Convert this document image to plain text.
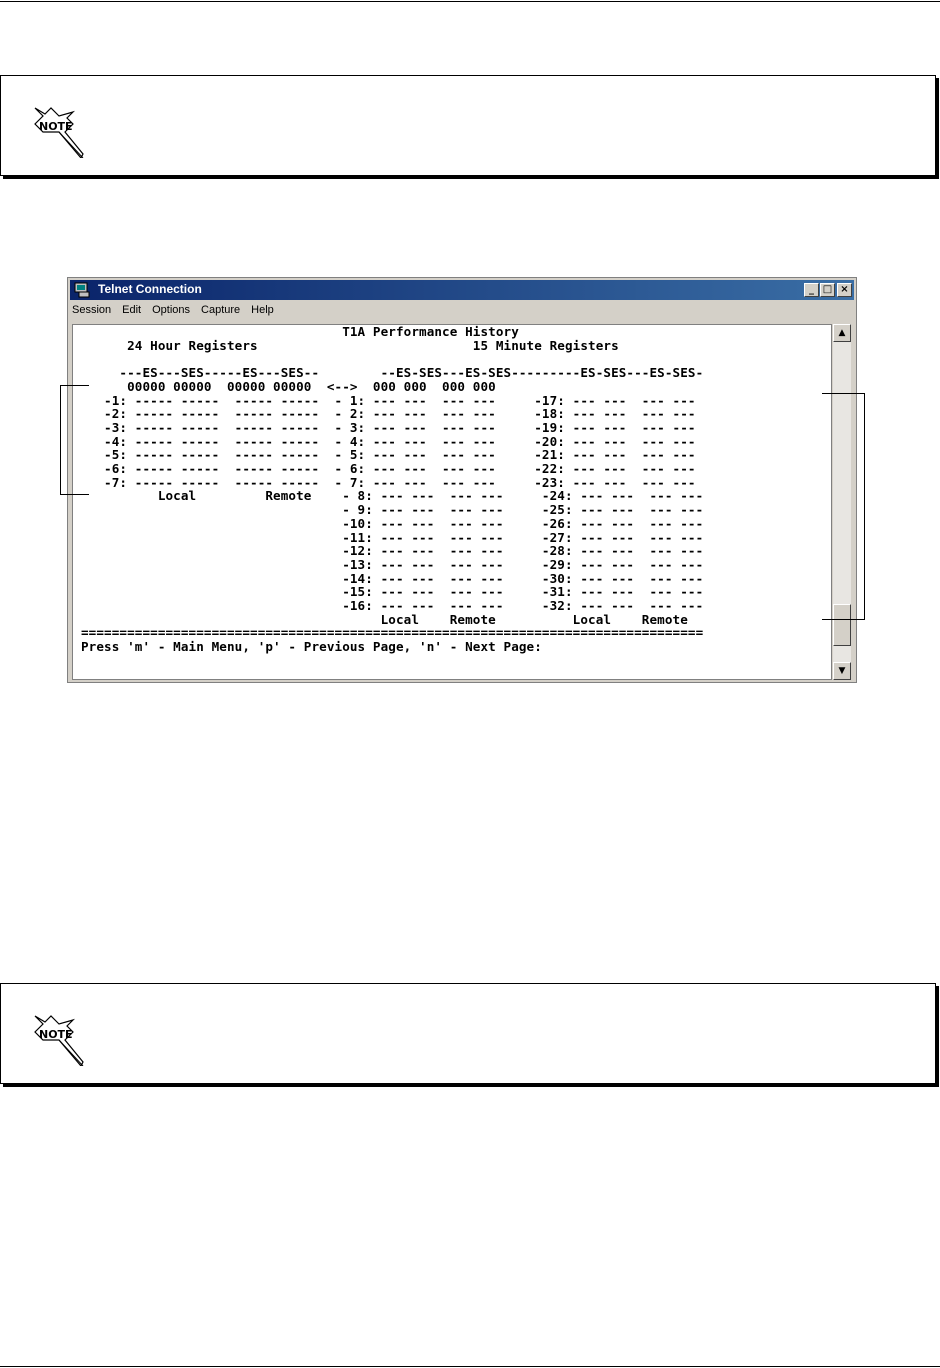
NOTE
Telnet Connection	_ □ ×
Session Edit Options Capture Help
T1A Performance History
24 Hour Registers                            15 Minute Registers

---ES---SES-----ES---SES--        --ES-SES---ES-SES---------ES-SES---ES-SES-
00000 00000  00000 00000  <-->  000 000  000 000
-1: ----- -----  ----- -----  - 1: --- ---  --- ---     -17: --- ---  --- ---
-2: ----- -----  ----- -----  - 2: --- ---  --- ---     -18: --- ---  --- ---
-3: ----- -----  ----- -----  - 3: --- ---  --- ---     -19: --- ---  --- ---
-4: ----- -----  ----- -----  - 4: --- ---  --- ---     -20: --- ---  --- ---
-5: ----- -----  ----- -----  - 5: --- ---  --- ---     -21: --- ---  --- ---
-6: ----- -----  ----- -----  - 6: --- ---  --- ---     -22: --- ---  --- ---
-7: ----- -----  ----- -----  - 7: --- ---  --- ---     -23: --- ---  --- ---
Local         Remote    - 8: --- ---  --- ---     -24: --- ---  --- ---
- 9: --- ---  --- ---     -25: --- ---  --- ---
-10: --- ---  --- ---     -26: --- ---  --- ---
-11: --- ---  --- ---     -27: --- ---  --- ---
-12: --- ---  --- ---     -28: --- ---  --- ---
-13: --- ---  --- ---     -29: --- ---  --- ---
-14: --- ---  --- ---     -30: --- ---  --- ---
-15: --- ---  --- ---     -31: --- ---  --- ---
-16: --- ---  --- ---     -32: --- ---  --- ---
Local    Remote          Local    Remote
=================================================================================
Press 'm' - Main Menu, 'p' - Previous Page, 'n' - Next Page:

▲
▼
NOTE
